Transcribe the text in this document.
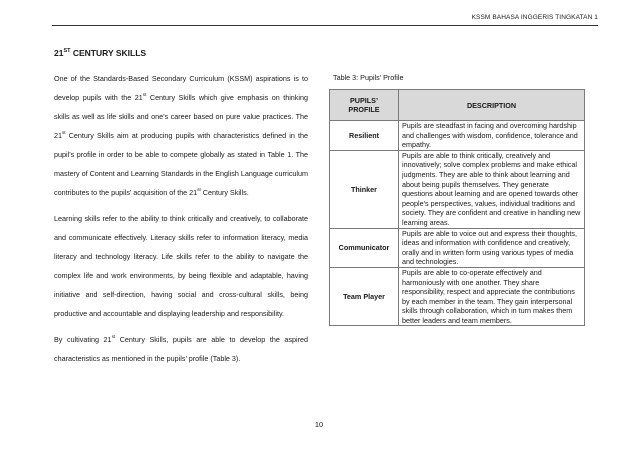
KSSM BAHASA INGGERIS TINGKATAN 1
21ST CENTURY SKILLS

One of the Standards-Based Secondary Curriculum (KSSM) aspirations is to develop pupils with the 21st Century Skills which give emphasis on thinking skills as well as life skills and one’s career based on pure value practices. The 21st Century Skills aim at producing pupils with characteristics defined in the pupil’s profile in order to be able to compete globally as stated in Table 1. The mastery of Content and Learning Standards in the English Language curriculum contributes to the pupils’ acquisition of the 21st Century Skills.

Learning skills refer to the ability to think critically and creatively, to collaborate and communicate effectively. Literacy skills refer to information literacy, media literacy and technology literacy. Life skills refer to the ability to navigate the complex life and work environments, by being flexible and adaptable, having initiative and self-direction, having social and cross-cultural skills, being productive and accountable and displaying leadership and responsibility.

By cultivating 21st Century Skills, pupils are able to develop the aspired characteristics as mentioned in the pupils’ profile (Table 3).

Table 3: Pupils’ Profile
PUPILS’
PROFILE	DESCRIPTION
Resilient	Pupils are steadfast in facing and overcoming hardship and challenges with wisdom, confidence, tolerance and empathy.
Thinker	Pupils are able to think critically, creatively and innovatively; solve complex problems and make ethical judgments. They are able to think about learning and about being pupils themselves. They generate questions about learning and are opened towards other people’s perspectives, values, individual traditions and society. They are confident and creative in handling new learning areas.
Communicator	Pupils are able to voice out and express their thoughts, ideas and information with confidence and creatively, orally and in written form using various types of media and technologies.
Team Player	Pupils are able to co-operate effectively and harmoniously with one another. They share responsibility, respect and appreciate the contributions by each member in the team. They gain interpersonal skills through collaboration, which in turn makes them better leaders and team members.
10
